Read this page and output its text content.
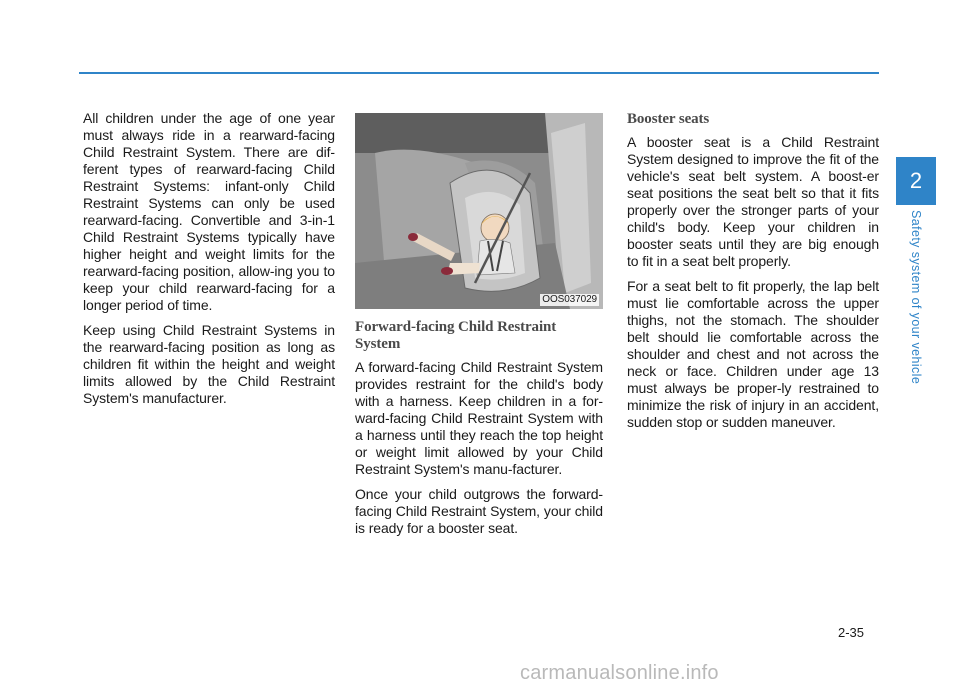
All children under the age of one year must always ride in a rearward-facing Child Restraint System. There are dif-ferent types of rearward-facing Child Restraint Systems: infant-only Child Restraint Systems can only be used rearward-facing. Convertible and 3-in-1 Child Restraint Systems typically have higher height and weight limits for the rearward-facing position, allow-ing you to keep your child rearward-facing for a longer period of time.

Keep using Child Restraint Systems in the rearward-facing position as long as children fit within the height and weight limits allowed by the Child Restraint System's manufacturer.

OOS037029
Forward-facing Child Restraint System

A forward-facing Child Restraint System provides restraint for the child's body with a harness. Keep children in a for-ward-facing Child Restraint System with a harness until they reach the top height or weight limit allowed by your Child Restraint System's manu-facturer.

Once your child outgrows the forward-facing Child Restraint System, your child is ready for a booster seat.

Booster seats

A booster seat is a Child Restraint System designed to improve the fit of the vehicle's seat belt system. A boost-er seat positions the seat belt so that it fits properly over the stronger parts of your child's body. Keep your children in booster seats until they are big enough to fit in a seat belt properly.

For a seat belt to fit properly, the lap belt must lie comfortable across the upper thighs, not the stomach. The shoulder belt should lie comfortable across the shoulder and chest and not across the neck or face. Children under age 13 must always be proper-ly restrained to minimize the risk of injury in an accident, sudden stop or sudden maneuver.

2
Safety system of your vehicle
2-35
carmanualsonline.info
